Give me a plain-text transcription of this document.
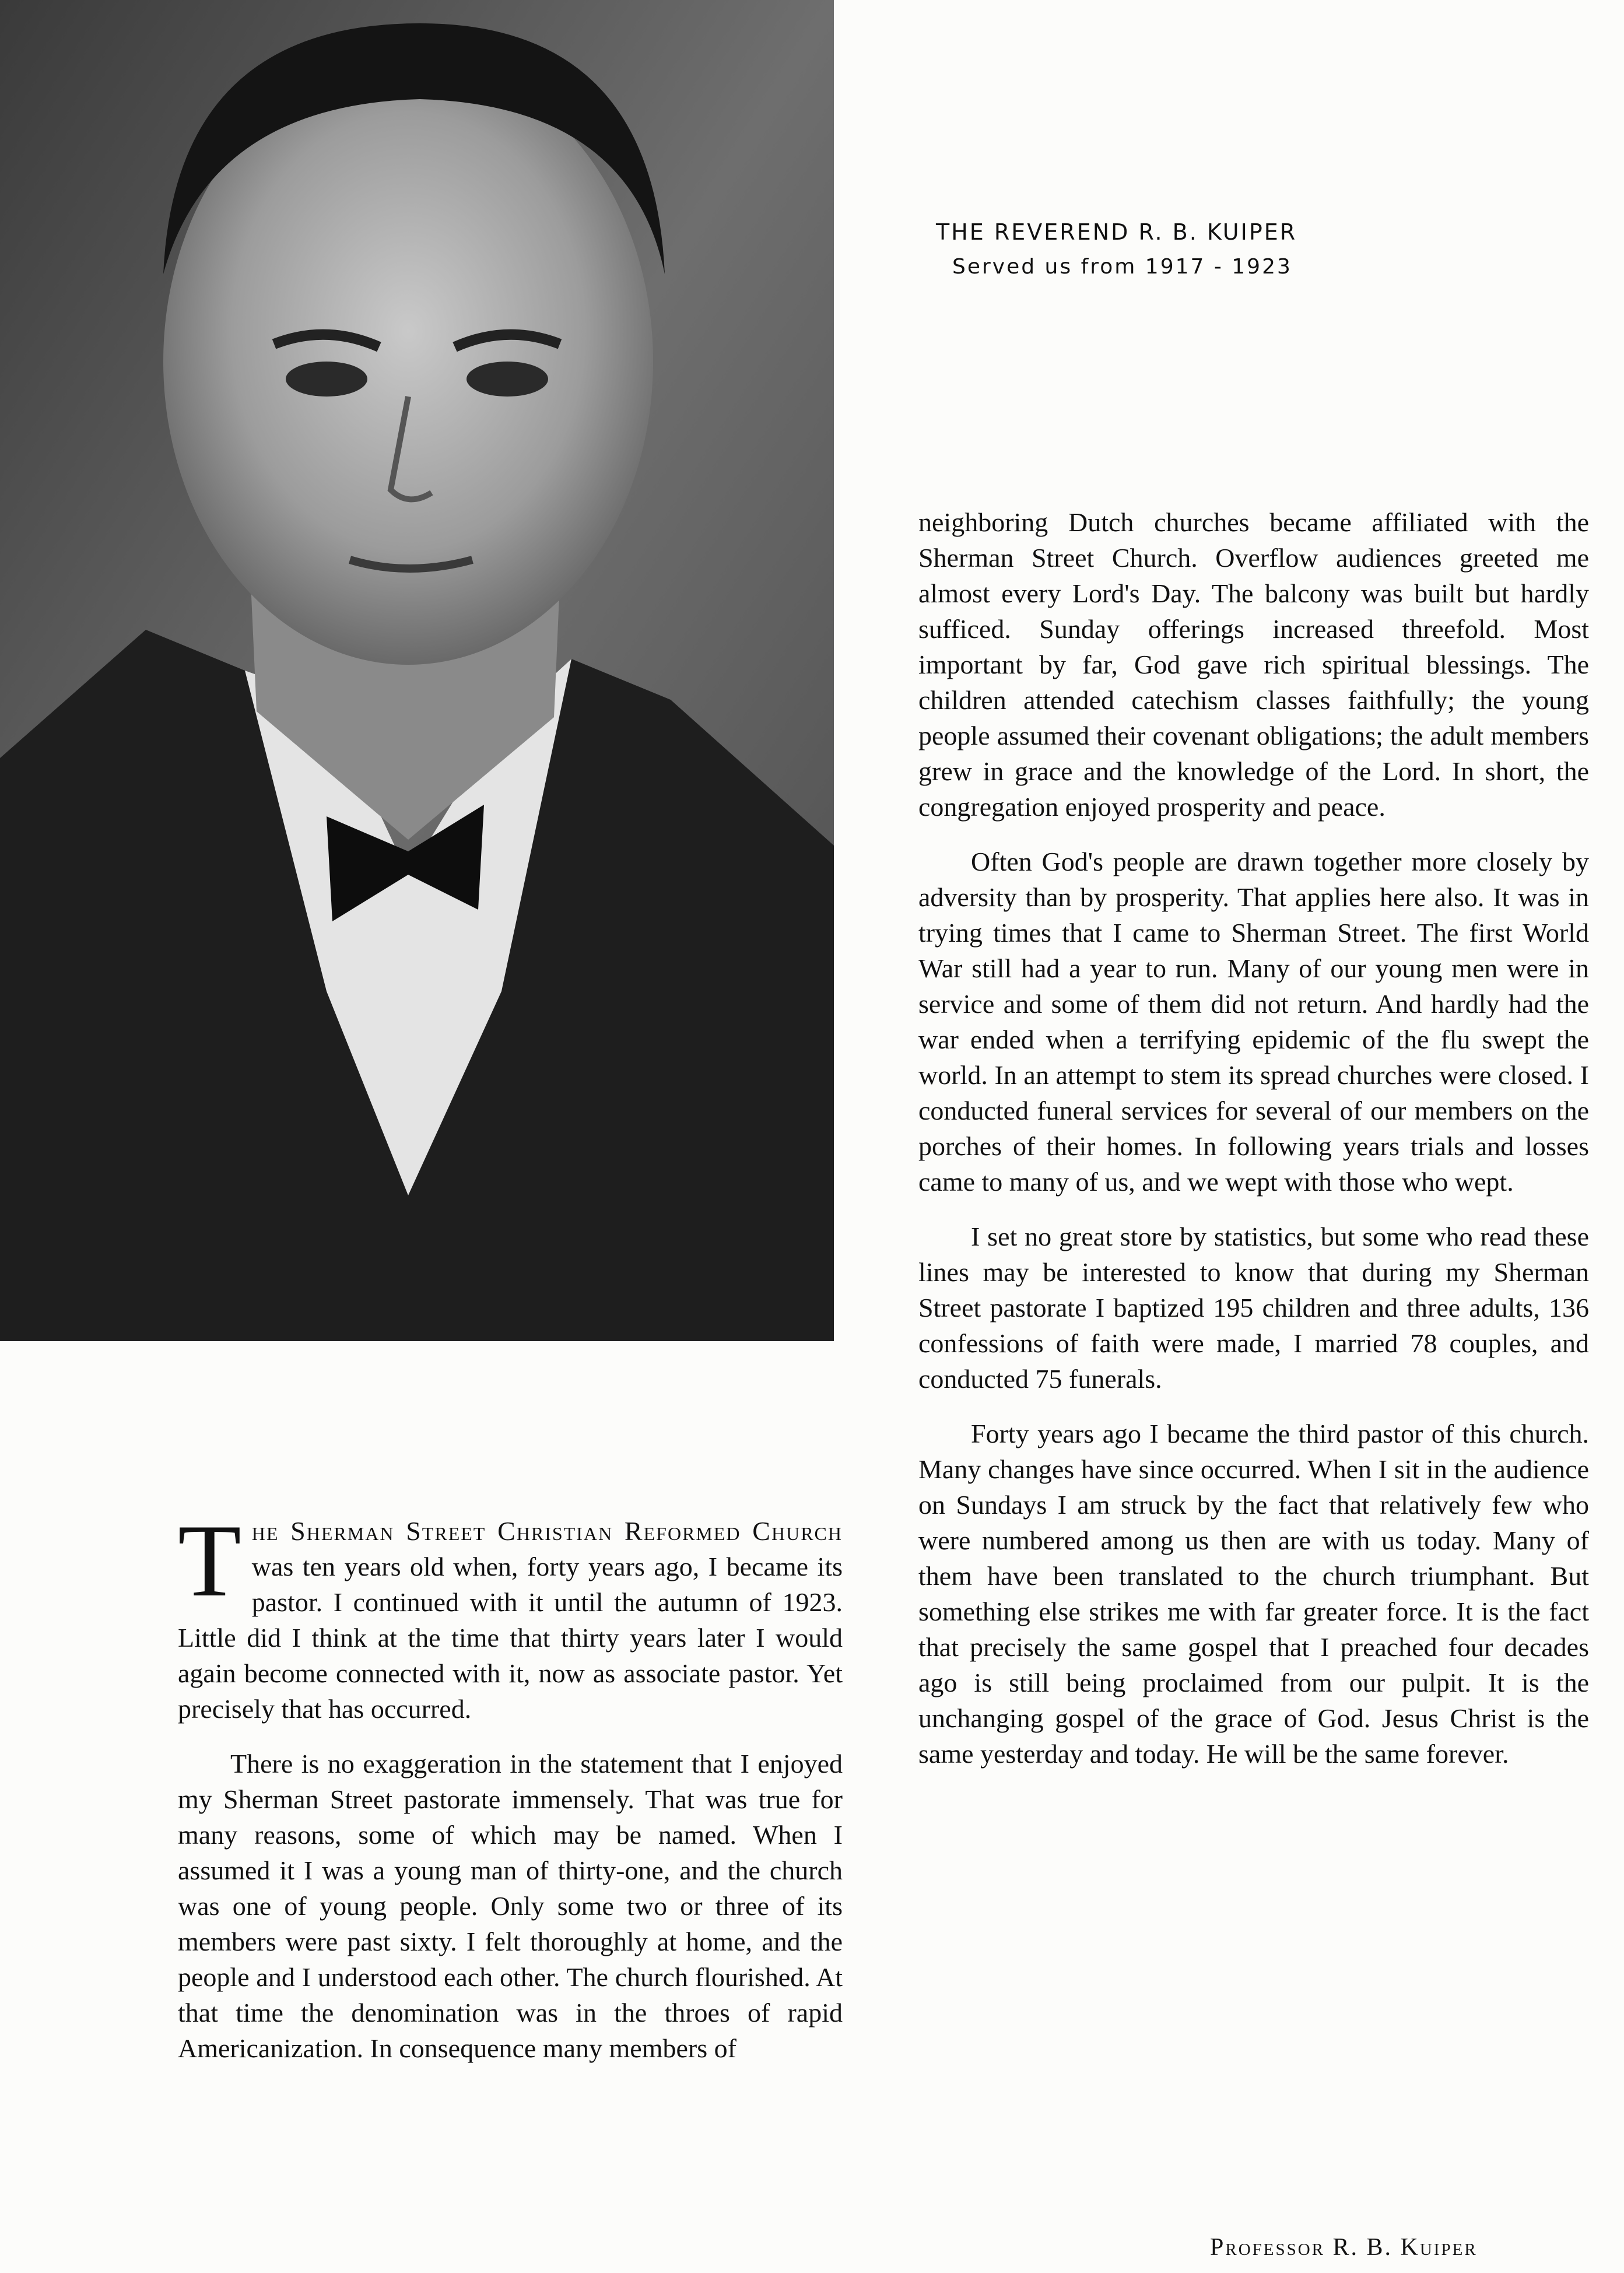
THE REVEREND R. B. KUIPER
Served us from 1917 - 1923

The Sherman Street Christian Reformed Church was ten years old when, forty years ago, I became its pastor. I continued with it until the autumn of 1923. Little did I think at the time that thirty years later I would again become connected with it, now as associate pastor. Yet precisely that has occurred.

There is no exaggeration in the statement that I enjoyed my Sherman Street pastorate immensely. That was true for many reasons, some of which may be named. When I assumed it I was a young man of thirty-one, and the church was one of young people. Only some two or three of its members were past sixty. I felt thoroughly at home, and the people and I understood each other. The church flourished. At that time the denomination was in the throes of rapid Americanization. In consequence many members of

neighboring Dutch churches became affiliated with the Sherman Street Church. Overflow audiences greeted me almost every Lord's Day. The balcony was built but hardly sufficed. Sunday offerings increased threefold. Most important by far, God gave rich spiritual blessings. The children attended catechism classes faithfully; the young people assumed their covenant obligations; the adult members grew in grace and the knowledge of the Lord. In short, the congregation enjoyed prosperity and peace.

Often God's people are drawn together more closely by adversity than by prosperity. That applies here also. It was in trying times that I came to Sherman Street. The first World War still had a year to run. Many of our young men were in service and some of them did not return. And hardly had the war ended when a terrifying epidemic of the flu swept the world. In an attempt to stem its spread churches were closed. I conducted funeral services for several of our members on the porches of their homes. In following years trials and losses came to many of us, and we wept with those who wept.

I set no great store by statistics, but some who read these lines may be interested to know that during my Sherman Street pastorate I baptized 195 children and three adults, 136 confessions of faith were made, I married 78 couples, and conducted 75 funerals.

Forty years ago I became the third pastor of this church. Many changes have since occurred. When I sit in the audience on Sundays I am struck by the fact that relatively few who were numbered among us then are with us today. Many of them have been translated to the church triumphant. But something else strikes me with far greater force. It is the fact that precisely the same gospel that I preached four decades ago is still being proclaimed from our pulpit. It is the unchanging gospel of the grace of God. Jesus Christ is the same yesterday and today. He will be the same forever.

Professor R. B. Kuiper
